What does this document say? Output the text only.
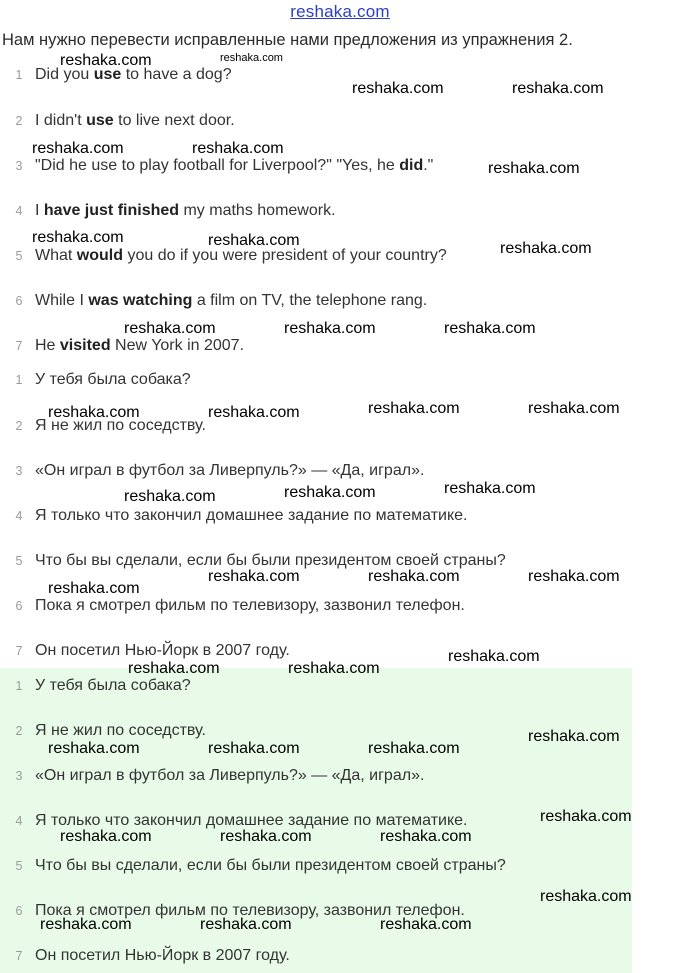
reshaka.com
Нам нужно перевести исправленные нами предложения из упражнения 2.
1 Did you use to have a dog?
2 I didn't use to live next door.
3 "Did he use to play football for Liverpool?" "Yes, he did."
4 I have just finished my maths homework.
5 What would you do if you were president of your country?
6 While I was watching a film on TV, the telephone rang.
7 He visited New York in 2007.
1 У тебя была собака?
2 Я не жил по соседству.
3 «Он играл в футбол за Ливерпуль?» — «Да, играл».
4 Я только что закончил домашнее задание по математике.
5 Что бы вы сделали, если бы были президентом своей страны?
6 Пока я смотрел фильм по телевизору, зазвонил телефон.
7 Он посетил Нью-Йорк в 2007 году.
1 У тебя была собака?
2 Я не жил по соседству.
3 «Он играл в футбол за Ливерпуль?» — «Да, играл».
4 Я только что закончил домашнее задание по математике.
5 Что бы вы сделали, если бы были президентом своей страны?
6 Пока я смотрел фильм по телевизору, зазвонил телефон.
7 Он посетил Нью-Йорк в 2007 году.
reshaka.com
reshaka.com	reshaka.com
reshaka.com	reshaka.com
reshaka.com
reshaka.com	reshaka.com	reshaka.com
reshaka.com	reshaka.com	reshaka.com
reshaka.com	reshaka.com	reshaka.com	reshaka.com
reshaka.com	reshaka.com	reshaka.com
reshaka.com	reshaka.com	reshaka.com
reshaka.com
reshaka.com
reshaka.com	reshaka.com
reshaka.com
reshaka.com	reshaka.com	reshaka.com
reshaka.com
reshaka.com	reshaka.com	reshaka.com
reshaka.com
reshaka.com	reshaka.com	reshaka.com
reshaka.com
